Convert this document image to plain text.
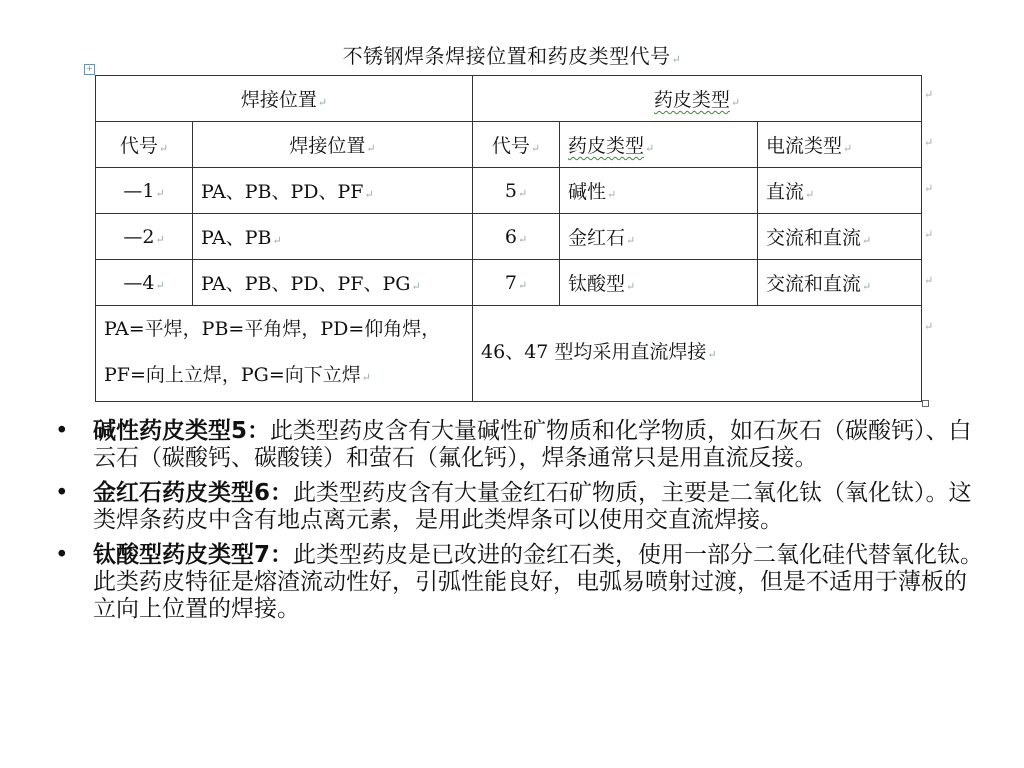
不锈钢焊条焊接位置和药皮类型代号↵
+
焊接位置↵		药皮类型↵		
代号↵	焊接位置↵	代号↵	药皮类型↵	电流类型↵
—1↵	PA、PB、PD、PF↵	5↵	碱性↵	直流↵
—2↵	PA、PB↵	6↵	金红石↵	交流和直流↵
—4↵	PA、PB、PD、PF、PG↵	7↵	钛酸型↵	交流和直流↵
PA=平焊，PB=平角焊，PD=仰角焊，
PF=向上立焊，PG=向下立焊↵		46、47 型均采用直流焊接↵		
↵
↵
↵
↵
↵
↵
• 碱性药皮类型5：此类型药皮含有大量碱性矿物质和化学物质，如石灰石（碳酸钙）、白云石（碳酸钙、碳酸镁）和萤石（氟化钙），焊条通常只是用直流反接。
• 金红石药皮类型6：此类型药皮含有大量金红石矿物质，主要是二氧化钛（氧化钛）。这类焊条药皮中含有地点离元素，是用此类焊条可以使用交直流焊接。
• 钛酸型药皮类型7：此类型药皮是已改进的金红石类，使用一部分二氧化硅代替氧化钛。此类药皮特征是熔渣流动性好，引弧性能良好，电弧易喷射过渡，但是不适用于薄板的立向上位置的焊接。
